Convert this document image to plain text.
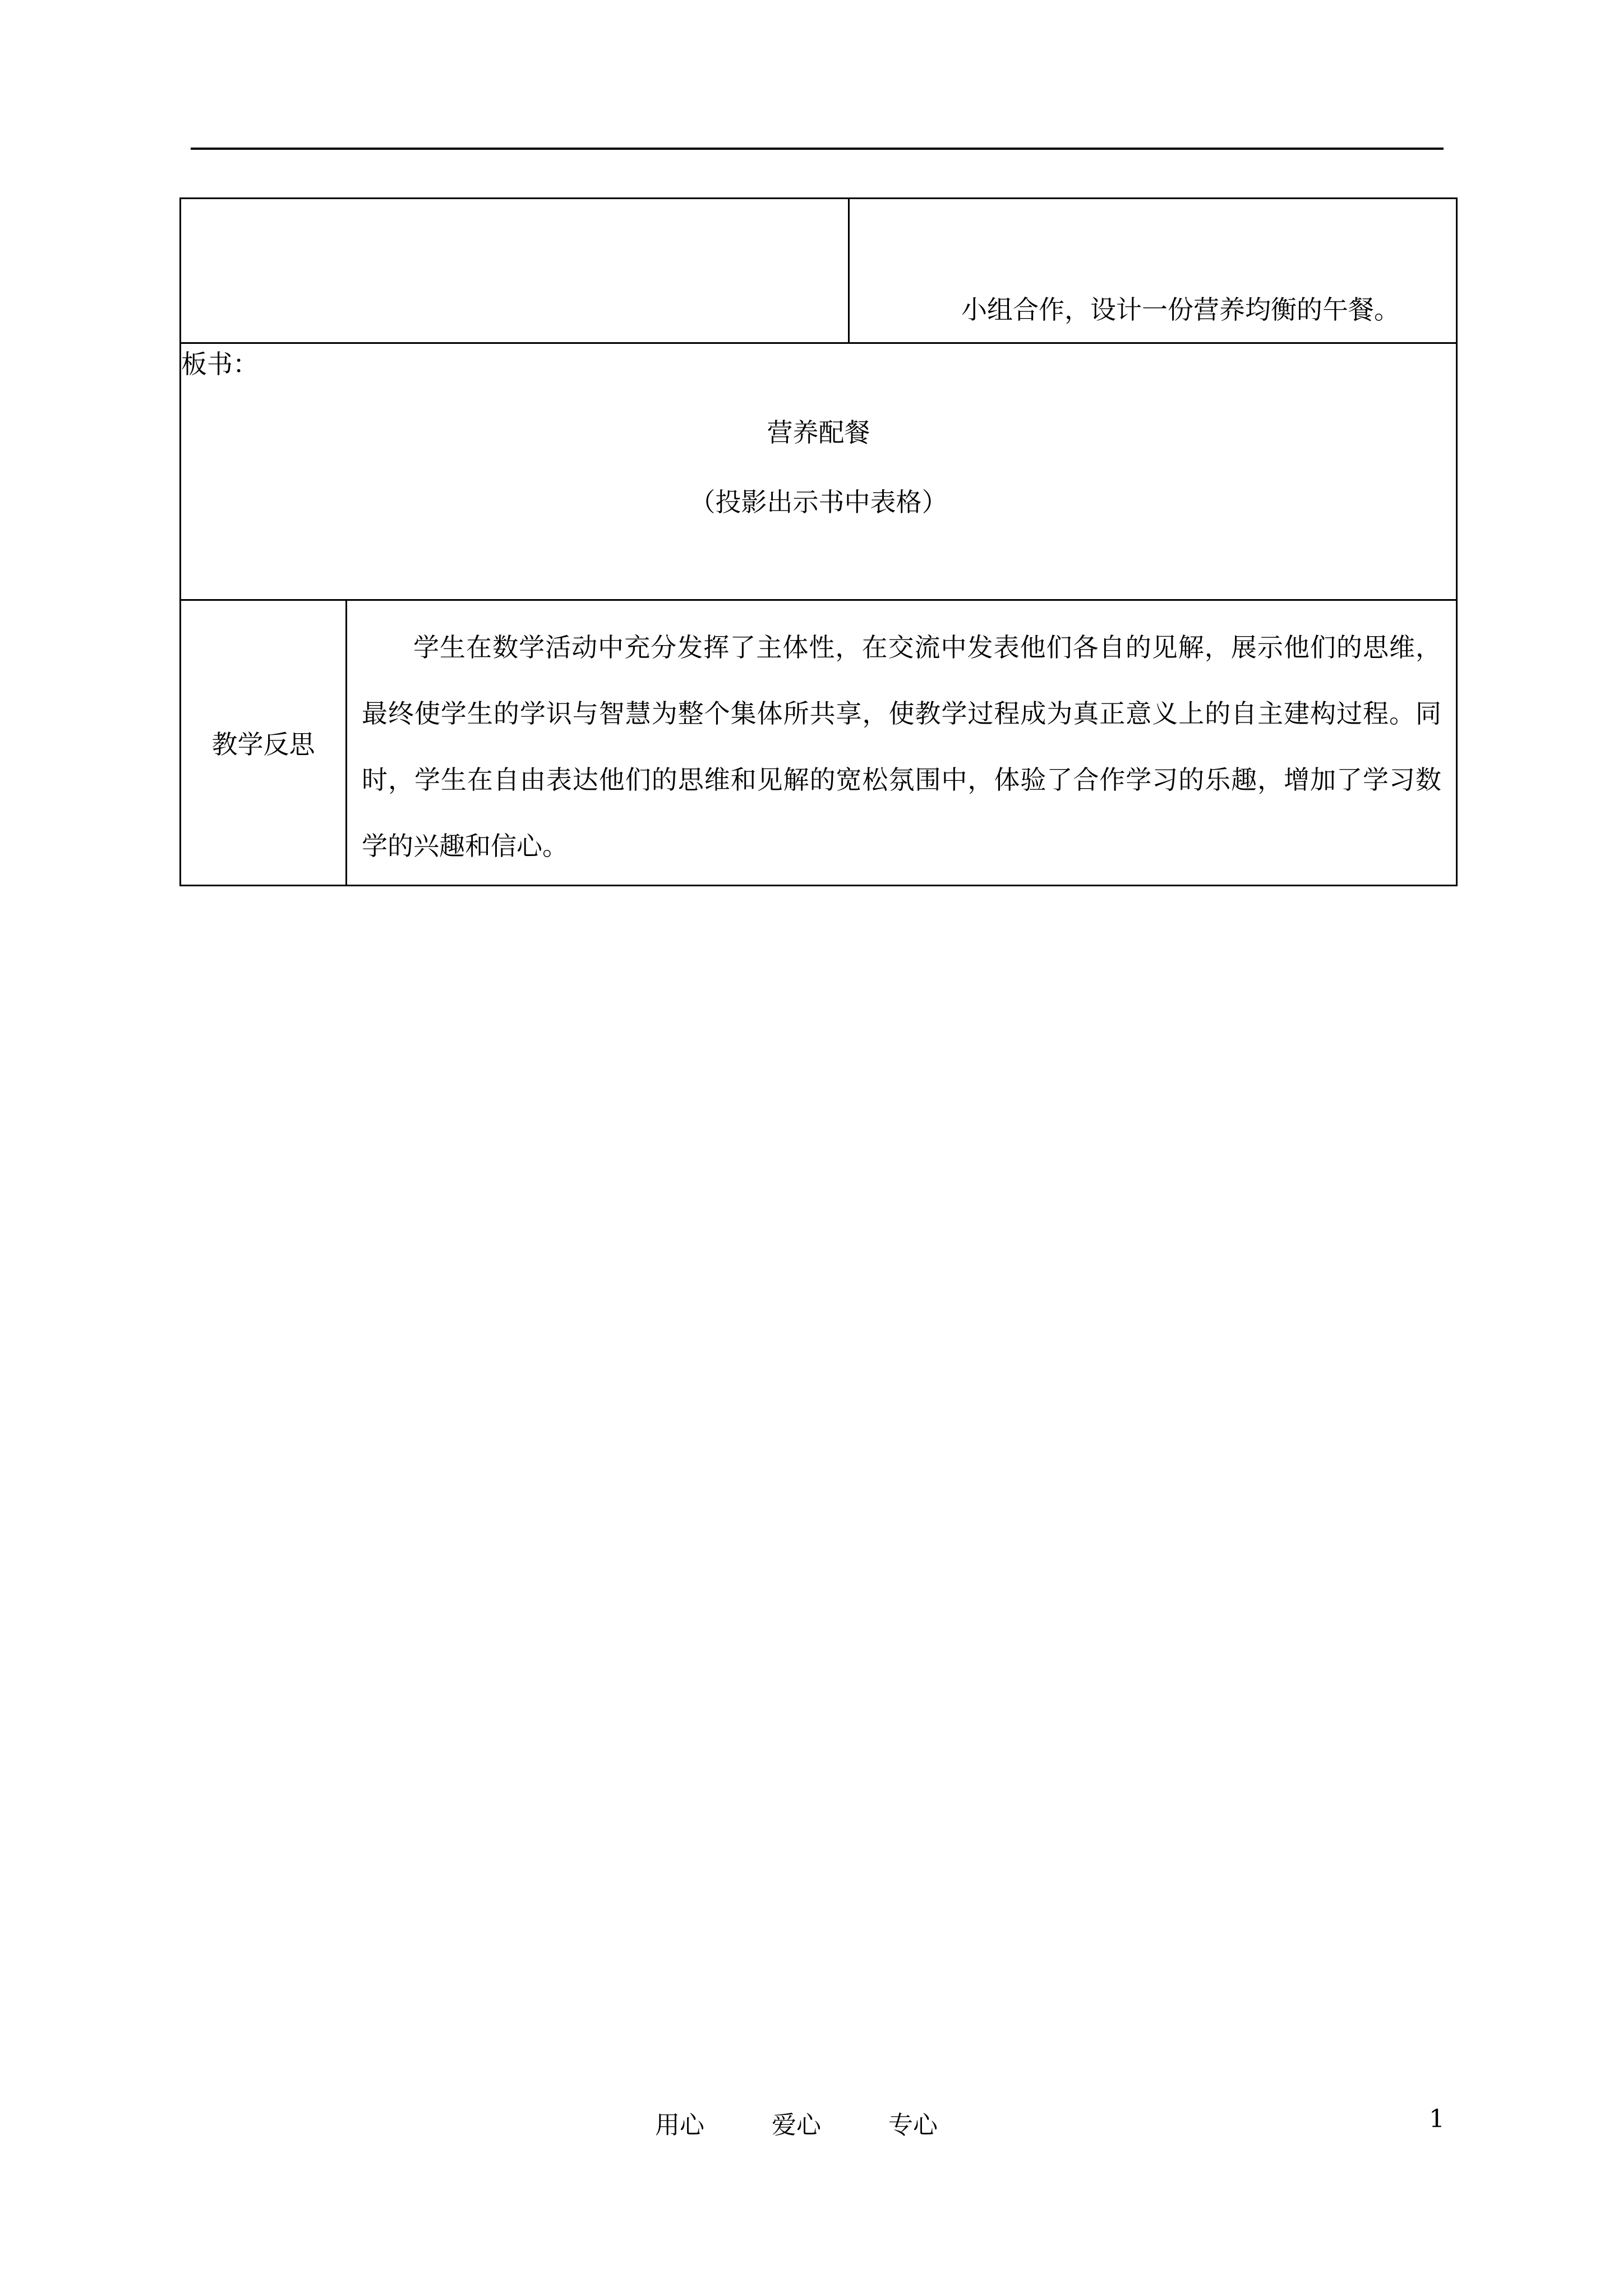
		小组合作，设计一份营养均衡的午餐。

板书：
营养配餐
（投影出示书中表格）		

教学反思	学生在数学活动中充分发挥了主体性，在交流中发表他们各自的见解，展示他们的思维，最终使学生的学识与智慧为整个集体所共享，使教学过程成为真正意义上的自主建构过程。同时，学生在自由表达他们的思维和见解的宽松氛围中，体验了合作学习的乐趣，增加了学习数学的兴趣和信心。	
用心	爱心	专心	1
